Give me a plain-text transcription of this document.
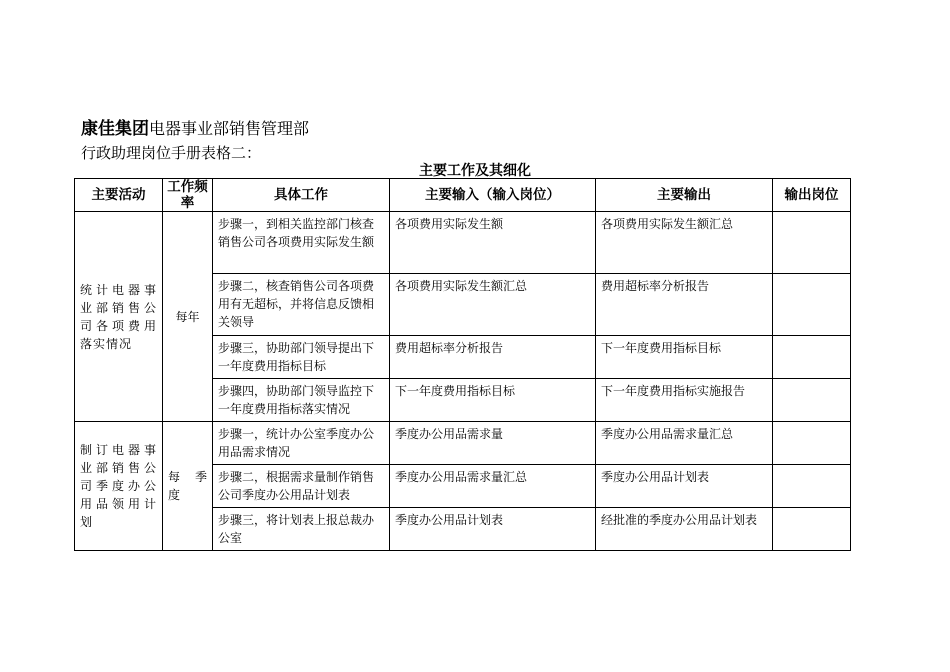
康佳集团电器事业部销售管理部
行政助理岗位手册表格二：
主要工作及其细化
主要活动	工作频率	具体工作	主要输入（输入岗位）	主要输出	输出岗位
统计电器事业部销售公司各项费用落实情况	每年	步骤一，到相关监控部门核查销售公司各项费用实际发生额	各项费用实际发生额	各项费用实际发生额汇总	
		步骤二，核查销售公司各项费用有无超标，并将信息反馈相关领导	各项费用实际发生额汇总	费用超标率分析报告	
		步骤三，协助部门领导提出下一年度费用指标目标	费用超标率分析报告	下一年度费用指标目标	
		步骤四，协助部门领导监控下一年度费用指标落实情况	下一年度费用指标目标	下一年度费用指标实施报告	
制订电器事业部销售公司季度办公用品领用计划	每 季度	步骤一，统计办公室季度办公用品需求情况	季度办公用品需求量	季度办公用品需求量汇总	
		步骤二，根据需求量制作销售公司季度办公用品计划表	季度办公用品需求量汇总	季度办公用品计划表	
		步骤三，将计划表上报总裁办公室	季度办公用品计划表	经批准的季度办公用品计划表	
